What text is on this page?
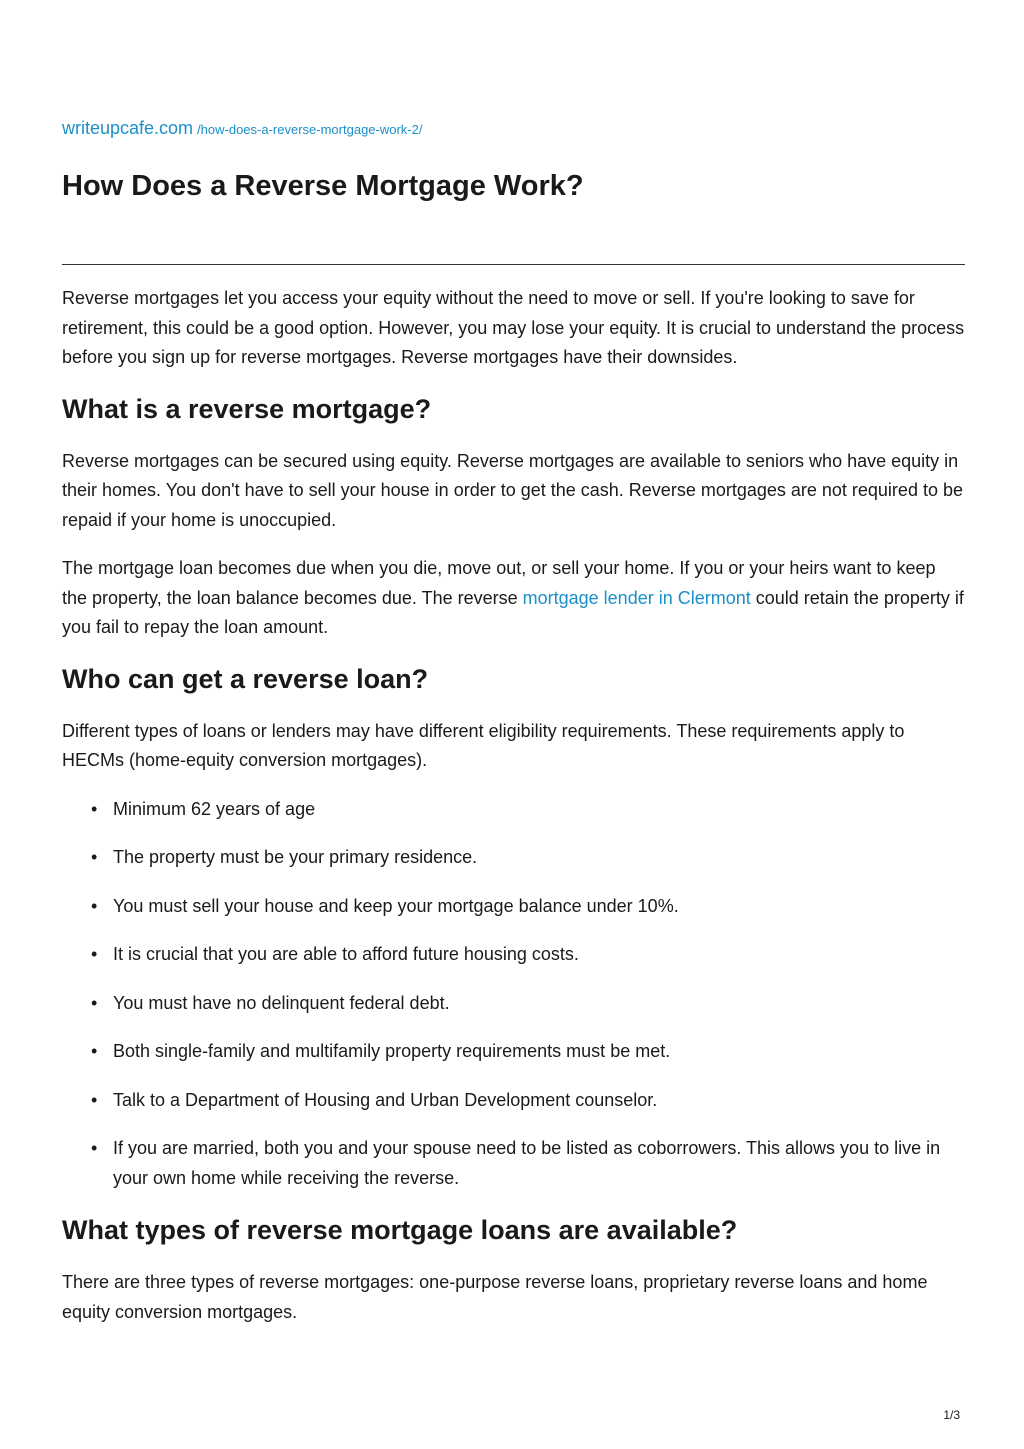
writeupcafe.com /how-does-a-reverse-mortgage-work-2/
How Does a Reverse Mortgage Work?

Reverse mortgages let you access your equity without the need to move or sell. If you're looking to save for retirement, this could be a good option. However, you may lose your equity. It is crucial to understand the process before you sign up for reverse mortgages. Reverse mortgages have their downsides.

What is a reverse mortgage?

Reverse mortgages can be secured using equity. Reverse mortgages are available to seniors who have equity in their homes. You don't have to sell your house in order to get the cash. Reverse mortgages are not required to be repaid if your home is unoccupied.

The mortgage loan becomes due when you die, move out, or sell your home. If you or your heirs want to keep the property, the loan balance becomes due. The reverse mortgage lender in Clermont could retain the property if you fail to repay the loan amount.

Who can get a reverse loan?

Different types of loans or lenders may have different eligibility requirements. These requirements apply to HECMs (home-equity conversion mortgages).

• Minimum 62 years of age
• The property must be your primary residence.
• You must sell your house and keep your mortgage balance under 10%.
• It is crucial that you are able to afford future housing costs.
• You must have no delinquent federal debt.
• Both single-family and multifamily property requirements must be met.
• Talk to a Department of Housing and Urban Development counselor.
• If you are married, both you and your spouse need to be listed as coborrowers. This allows you to live in your own home while receiving the reverse.
What types of reverse mortgage loans are available?

There are three types of reverse mortgages: one-purpose reverse loans, proprietary reverse loans and home equity conversion mortgages.

1/3
